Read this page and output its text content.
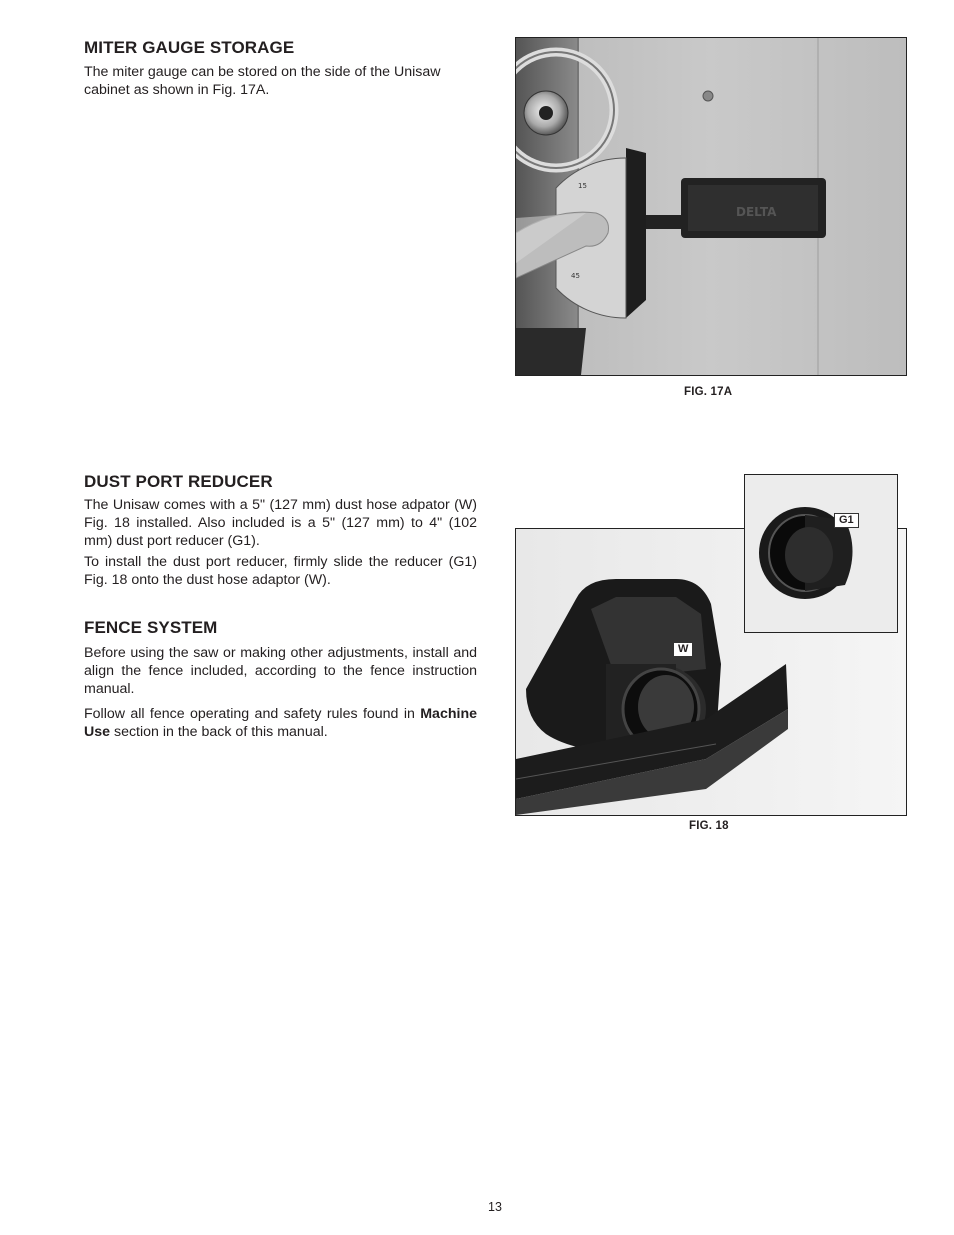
MITER GAUGE STORAGE

The miter gauge can be stored on the side of the Unisaw cabinet as shown in Fig. 17A.

DUST PORT REDUCER

The Unisaw comes with a 5" (127 mm) dust hose adpator (W) Fig. 18 installed. Also included is a 5" (127 mm) to 4" (102 mm) dust port reducer (G1).

To install the dust port reducer, firmly slide the reducer (G1) Fig. 18 onto the dust hose adaptor (W).

FENCE SYSTEM

Before using the saw or making other adjustments, install and align the fence included, according to the fence instruction manual.

Follow all fence operating and safety rules found in Machine Use section in the back of this manual.

15
45
DELTA
FIG. 17A
G1
W
FIG. 18
13
